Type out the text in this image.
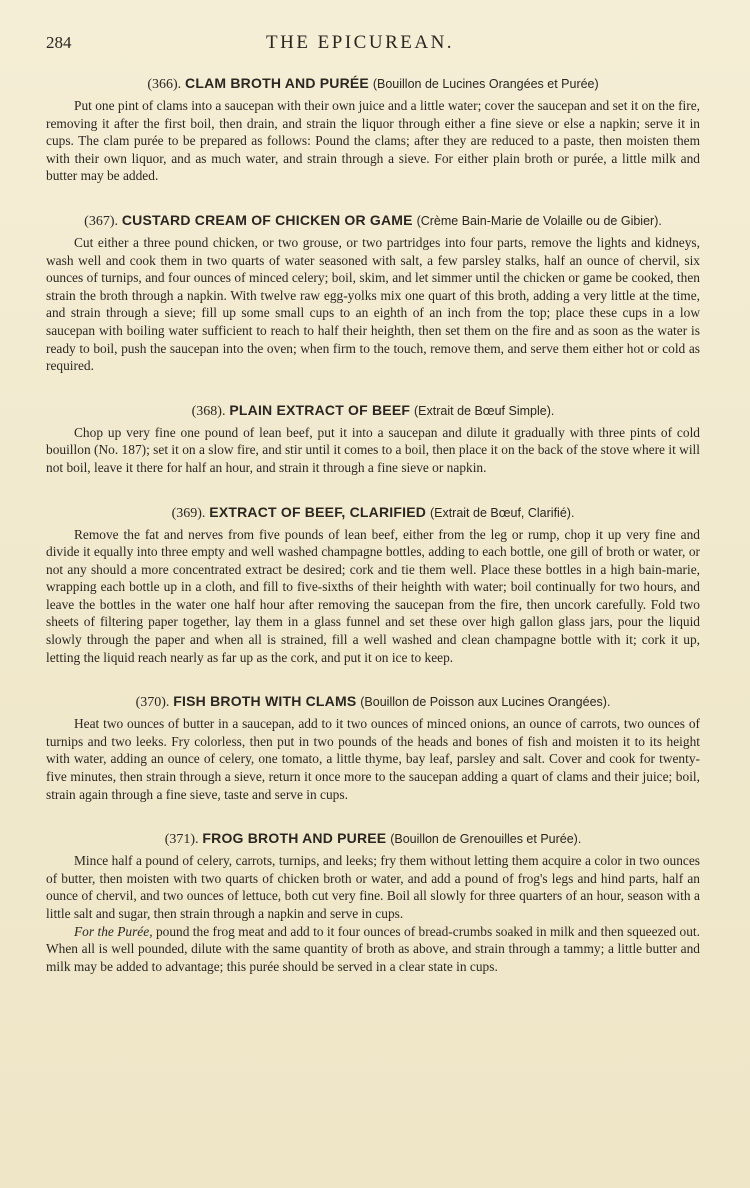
284	THE EPICUREAN.
(366). CLAM BROTH AND PURÉE (Bouillon de Lucines Orangées et Purée)

Put one pint of clams into a saucepan with their own juice and a little water; cover the saucepan and set it on the fire, removing it after the first boil, then drain, and strain the liquor through either a fine sieve or else a napkin; serve it in cups. The clam purée to be prepared as follows: Pound the clams; after they are reduced to a paste, then moisten them with their own liquor, and as much water, and strain through a sieve. For either plain broth or purée, a little milk and butter may be added.

(367). CUSTARD CREAM OF CHICKEN OR GAME (Crème Bain-Marie de Volaille ou de Gibier).

Cut either a three pound chicken, or two grouse, or two partridges into four parts, remove the lights and kidneys, wash well and cook them in two quarts of water seasoned with salt, a few parsley stalks, half an ounce of chervil, six ounces of turnips, and four ounces of minced celery; boil, skim, and let simmer until the chicken or game be cooked, then strain the broth through a napkin. With twelve raw egg-yolks mix one quart of this broth, adding a very little at the time, and strain through a sieve; fill up some small cups to an eighth of an inch from the top; place these cups in a low saucepan with boiling water sufficient to reach to half their heighth, then set them on the fire and as soon as the water is ready to boil, push the saucepan into the oven; when firm to the touch, remove them, and serve them either hot or cold as required.

(368). PLAIN EXTRACT OF BEEF (Extrait de Bœuf Simple).

Chop up very fine one pound of lean beef, put it into a saucepan and dilute it gradually with three pints of cold bouillon (No. 187); set it on a slow fire, and stir until it comes to a boil, then place it on the back of the stove where it will not boil, leave it there for half an hour, and strain it through a fine sieve or napkin.

(369). EXTRACT OF BEEF, CLARIFIED (Extrait de Bœuf, Clarifié).

Remove the fat and nerves from five pounds of lean beef, either from the leg or rump, chop it up very fine and divide it equally into three empty and well washed champagne bottles, adding to each bottle, one gill of broth or water, or not any should a more concentrated extract be desired; cork and tie them well. Place these bottles in a high bain-marie, wrapping each bottle up in a cloth, and fill to five-sixths of their heighth with water; boil continually for two hours, and leave the bottles in the water one half hour after removing the saucepan from the fire, then uncork carefully. Fold two sheets of filtering paper together, lay them in a glass funnel and set these over high gallon glass jars, pour the liquid slowly through the paper and when all is strained, fill a well washed and clean champagne bottle with it; cork it up, letting the liquid reach nearly as far up as the cork, and put it on ice to keep.

(370). FISH BROTH WITH CLAMS (Bouillon de Poisson aux Lucines Orangées).

Heat two ounces of butter in a saucepan, add to it two ounces of minced onions, an ounce of carrots, two ounces of turnips and two leeks. Fry colorless, then put in two pounds of the heads and bones of fish and moisten it to its height with water, adding an ounce of celery, one tomato, a little thyme, bay leaf, parsley and salt. Cover and cook for twenty-five minutes, then strain through a sieve, return it once more to the saucepan adding a quart of clams and their juice; boil, strain again through a fine sieve, taste and serve in cups.

(371). FROG BROTH AND PUREE (Bouillon de Grenouilles et Purée).

Mince half a pound of celery, carrots, turnips, and leeks; fry them without letting them acquire a color in two ounces of butter, then moisten with two quarts of chicken broth or water, and add a pound of frog's legs and hind parts, half an ounce of chervil, and two ounces of lettuce, both cut very fine. Boil all slowly for three quarters of an hour, season with a little salt and sugar, then strain through a napkin and serve in cups.

For the Purée, pound the frog meat and add to it four ounces of bread-crumbs soaked in milk and then squeezed out. When all is well pounded, dilute with the same quantity of broth as above, and strain through a tammy; a little butter and milk may be added to advantage; this purée should be served in a clear state in cups.
